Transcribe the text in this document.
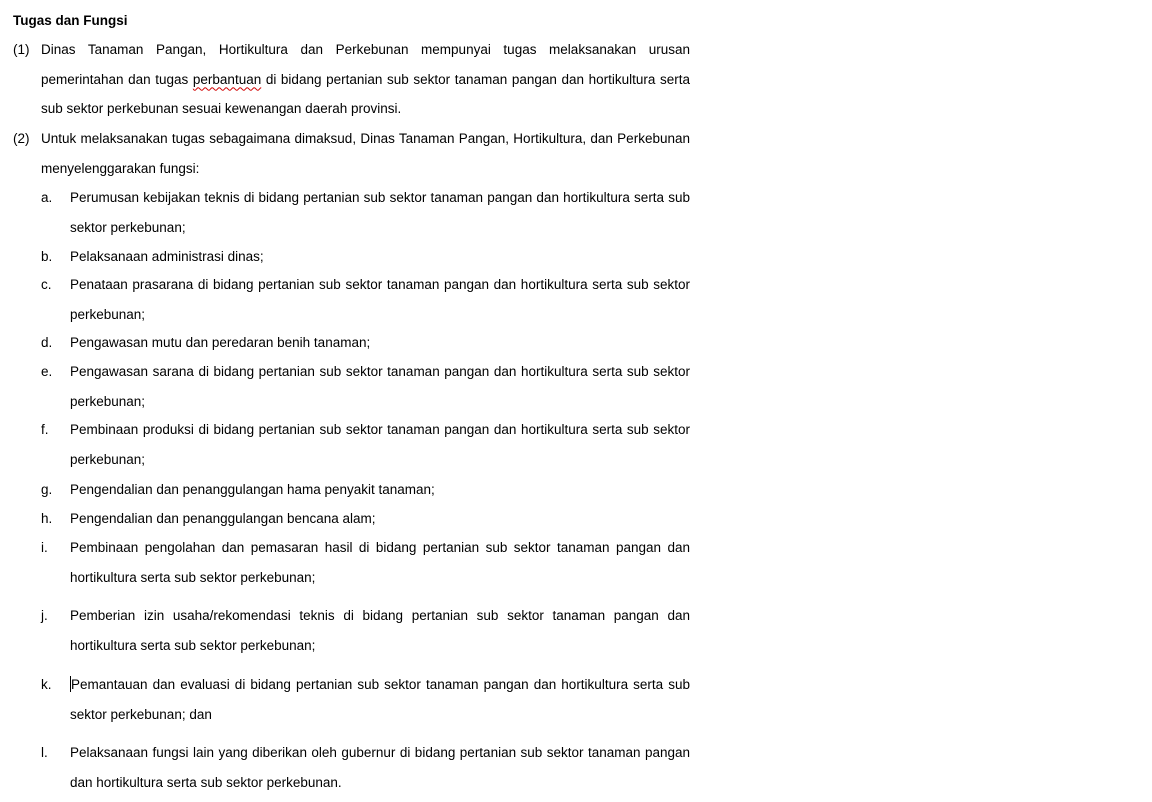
Tugas dan Fungsi
(1) Dinas Tanaman Pangan, Hortikultura dan Perkebunan mempunyai tugas melaksanakan urusan pemerintahan dan tugas perbantuan di bidang pertanian sub sektor tanaman pangan dan hortikultura serta sub sektor perkebunan sesuai kewenangan daerah provinsi.
(2) Untuk melaksanakan tugas sebagaimana dimaksud, Dinas Tanaman Pangan, Hortikultura, dan Perkebunan menyelenggarakan fungsi:
a. Perumusan kebijakan teknis di bidang pertanian sub sektor tanaman pangan dan hortikultura serta sub sektor perkebunan;
b. Pelaksanaan administrasi dinas;
c. Penataan prasarana di bidang pertanian sub sektor tanaman pangan dan hortikultura serta sub sektor perkebunan;
d. Pengawasan mutu dan peredaran benih tanaman;
e. Pengawasan sarana di bidang pertanian sub sektor tanaman pangan dan hortikultura serta sub sektor perkebunan;
f. Pembinaan produksi di bidang pertanian sub sektor tanaman pangan dan hortikultura serta sub sektor perkebunan;
g. Pengendalian dan penanggulangan hama penyakit tanaman;
h. Pengendalian dan penanggulangan bencana alam;
i. Pembinaan pengolahan dan pemasaran hasil di bidang pertanian sub sektor tanaman pangan dan hortikultura serta sub sektor perkebunan;
j. Pemberian izin usaha/rekomendasi teknis di bidang pertanian sub sektor tanaman pangan dan hortikultura serta sub sektor perkebunan;
k. Pemantauan dan evaluasi di bidang pertanian sub sektor tanaman pangan dan hortikultura serta sub sektor perkebunan; dan
l. Pelaksanaan fungsi lain yang diberikan oleh gubernur di bidang pertanian sub sektor tanaman pangan dan hortikultura serta sub sektor perkebunan.
